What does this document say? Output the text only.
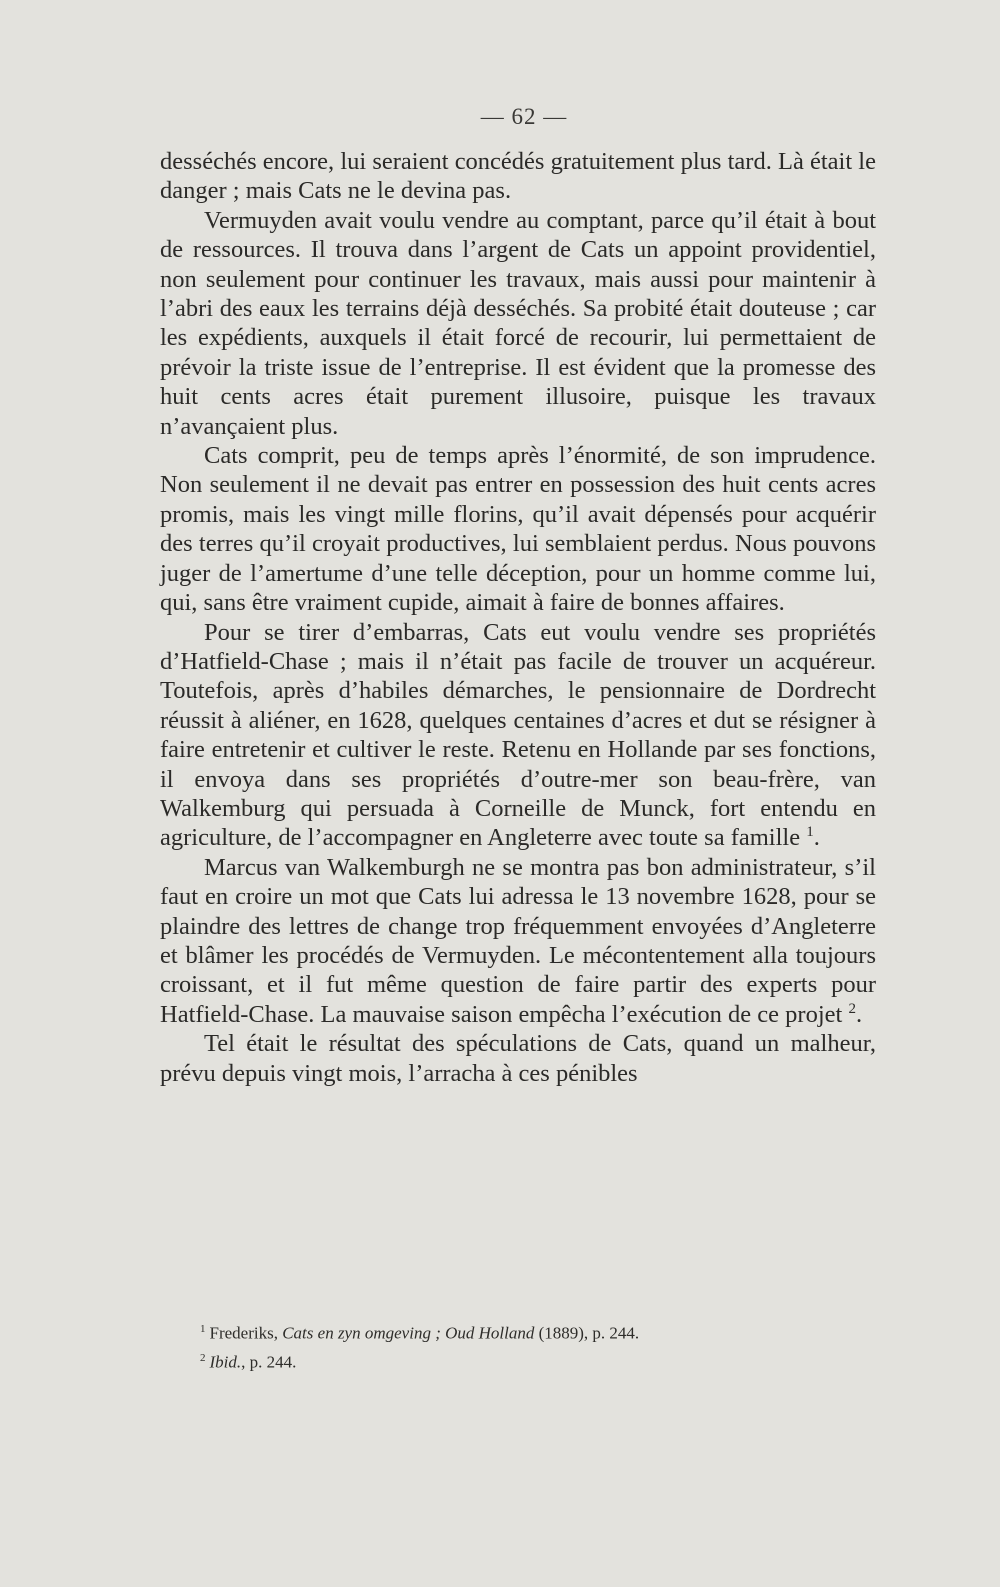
— 62 —

desséchés encore, lui seraient concédés gratuitement plus tard. Là était le danger ; mais Cats ne le devina pas.

Vermuyden avait voulu vendre au comptant, parce qu’il était à bout de ressources. Il trouva dans l’argent de Cats un appoint providentiel, non seulement pour continuer les travaux, mais aussi pour maintenir à l’abri des eaux les terrains déjà desséchés. Sa probité était douteuse ; car les expédients, auxquels il était forcé de recourir, lui permettaient de prévoir la triste issue de l’entreprise. Il est évident que la promesse des huit cents acres était purement illusoire, puisque les travaux n’avançaient plus.

Cats comprit, peu de temps après l’énormité, de son imprudence. Non seulement il ne devait pas entrer en possession des huit cents acres promis, mais les vingt mille florins, qu’il avait dépensés pour acquérir des terres qu’il croyait productives, lui semblaient perdus. Nous pouvons juger de l’amertume d’une telle déception, pour un homme comme lui, qui, sans être vraiment cupide, aimait à faire de bonnes affaires.

Pour se tirer d’embarras, Cats eut voulu vendre ses propriétés d’Hatfield-Chase ; mais il n’était pas facile de trouver un acquéreur. Toutefois, après d’habiles démarches, le pensionnaire de Dordrecht réussit à aliéner, en 1628, quelques centaines d’acres et dut se résigner à faire entretenir et cultiver le reste. Retenu en Hollande par ses fonctions, il envoya dans ses propriétés d’outre-mer son beau-frère, van Walkemburg qui persuada à Corneille de Munck, fort entendu en agriculture, de l’accompagner en Angleterre avec toute sa famille $^1$.

Marcus van Walkemburgh ne se montra pas bon administrateur, s’il faut en croire un mot que Cats lui adressa le 13 novembre 1628, pour se plaindre des lettres de change trop fréquemment envoyées d’Angleterre et blâmer les procédés de Vermuyden. Le mécontentement alla toujours croissant, et il fut même question de faire partir des experts pour Hatfield-Chase. La mauvaise saison empêcha l’exécution de ce projet $^2$.

Tel était le résultat des spéculations de Cats, quand un malheur, prévu depuis vingt mois, l’arracha à ces pénibles

$^1$ Frederiks, Cats en zyn omgeving ; Oud Holland (1889), p. 244.

$^2$ Ibid., p. 244.
